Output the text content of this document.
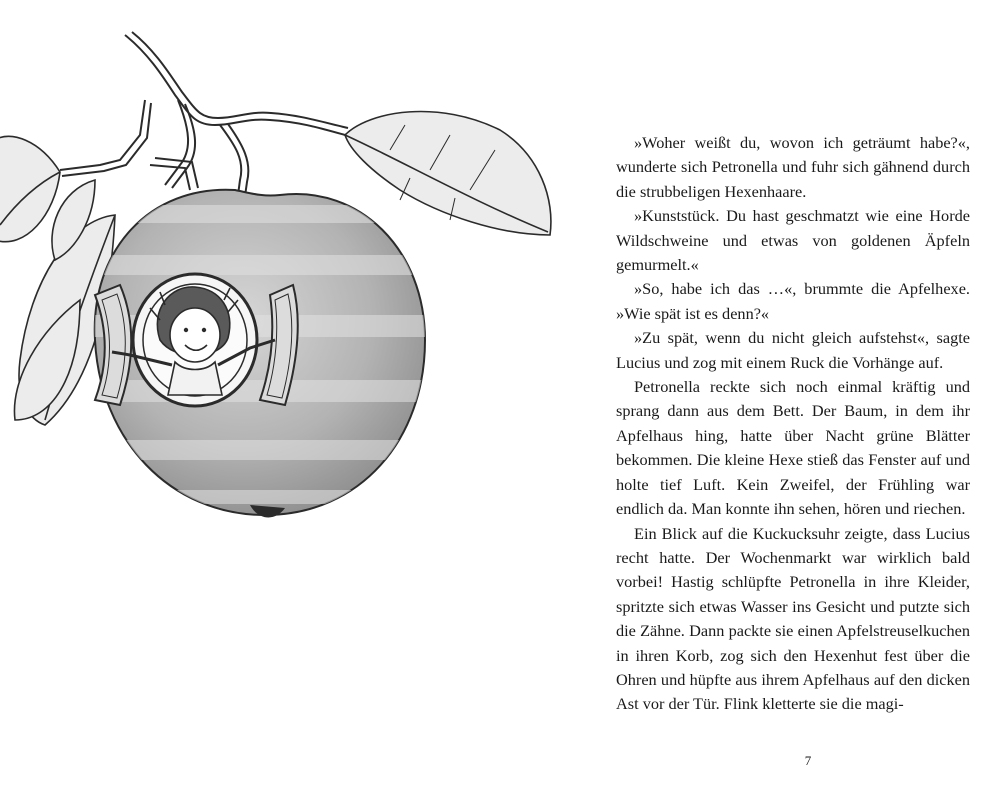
»Woher weißt du, wovon ich geträumt habe?«, wunderte sich Petronella und fuhr sich gähnend durch die strubbeligen Hexenhaare.

»Kunststück. Du hast geschmatzt wie eine Horde Wildschweine und etwas von goldenen Äpfeln gemurmelt.«

»So, habe ich das …«, brummte die Apfelhexe. »Wie spät ist es denn?«

»Zu spät, wenn du nicht gleich aufstehst«, sagte Lucius und zog mit einem Ruck die Vorhänge auf.

Petronella reckte sich noch einmal kräftig und sprang dann aus dem Bett. Der Baum, in dem ihr Apfelhaus hing, hatte über Nacht grüne Blätter bekommen. Die kleine Hexe stieß das Fenster auf und holte tief Luft. Kein Zweifel, der Frühling war endlich da. Man konnte ihn sehen, hören und riechen.

Ein Blick auf die Kuckucksuhr zeigte, dass Lucius recht hatte. Der Wochenmarkt war wirklich bald vorbei! Hastig schlüpfte Petronella in ihre Kleider, spritzte sich etwas Wasser ins Gesicht und putzte sich die Zähne. Dann packte sie einen Apfelstreuselkuchen in ihren Korb, zog sich den Hexenhut fest über die Ohren und hüpfte aus ihrem Apfelhaus auf den dicken Ast vor der Tür. Flink kletterte sie die magi-

7
